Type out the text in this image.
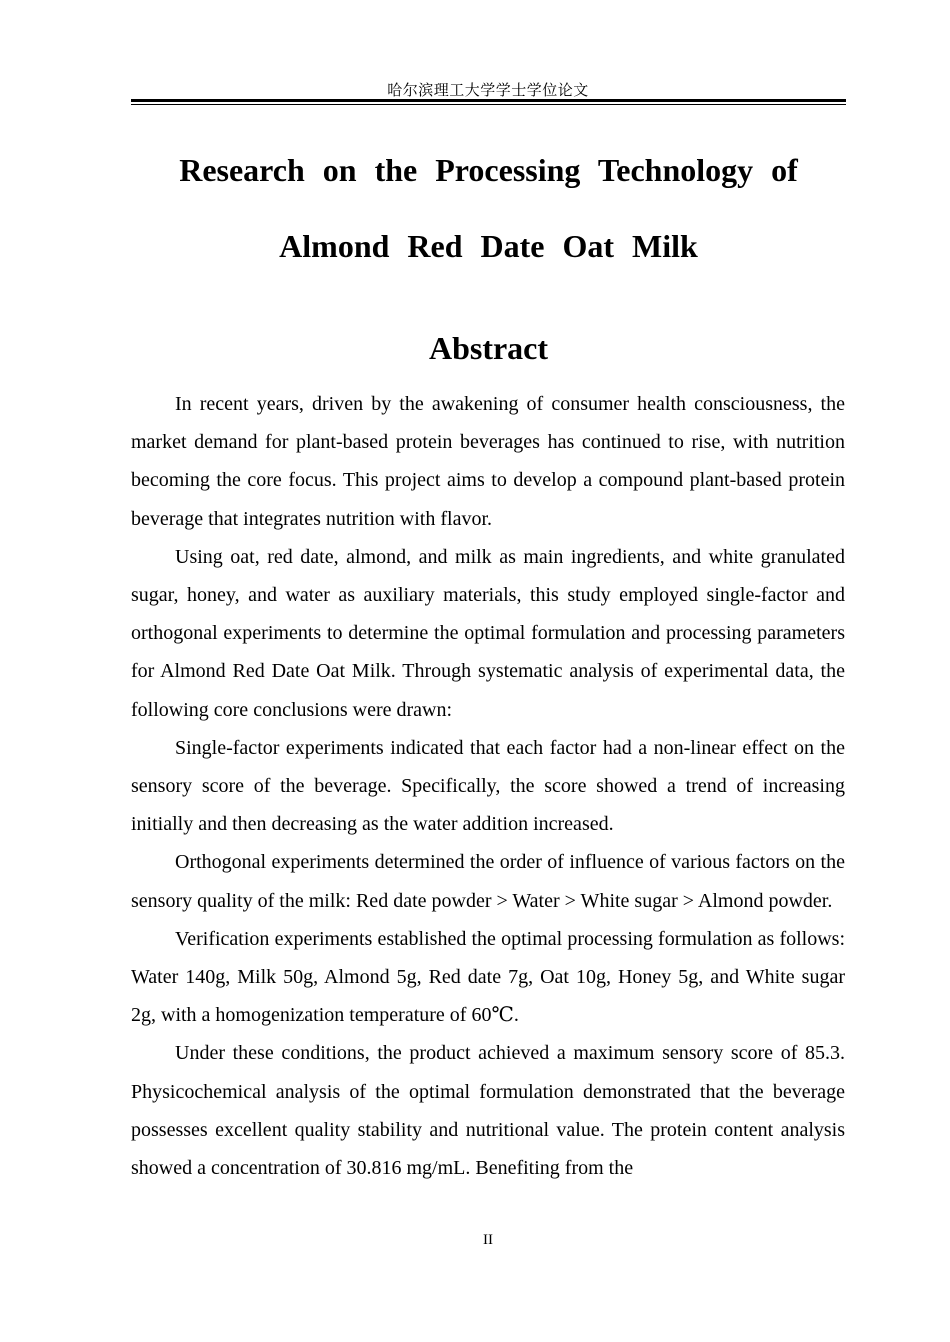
哈尔滨理工大学学士学位论文
Research on the Processing Technology of
Almond Red Date Oat Milk
Abstract

In recent years, driven by the awakening of consumer health consciousness, the market demand for plant-based protein beverages has continued to rise, with nutrition becoming the core focus. This project aims to develop a compound plant-based protein beverage that integrates nutrition with flavor.

Using oat, red date, almond, and milk as main ingredients, and white granulated sugar, honey, and water as auxiliary materials, this study employed single-factor and orthogonal experiments to determine the optimal formulation and processing parameters for Almond Red Date Oat Milk. Through systematic analysis of experimental data, the following core conclusions were drawn:

Single-factor experiments indicated that each factor had a non-linear effect on the sensory score of the beverage. Specifically, the score showed a trend of increasing initially and then decreasing as the water addition increased.

Orthogonal experiments determined the order of influence of various factors on the sensory quality of the milk: Red date powder > Water > White sugar > Almond powder.

Verification experiments established the optimal processing formulation as follows: Water 140g, Milk 50g, Almond 5g, Red date 7g, Oat 10g, Honey 5g, and White sugar 2g, with a homogenization temperature of 60℃.

Under these conditions, the product achieved a maximum sensory score of 85.3. Physicochemical analysis of the optimal formulation demonstrated that the beverage possesses excellent quality stability and nutritional value. The protein content analysis showed a concentration of 30.816 mg/mL. Benefiting from the

II
